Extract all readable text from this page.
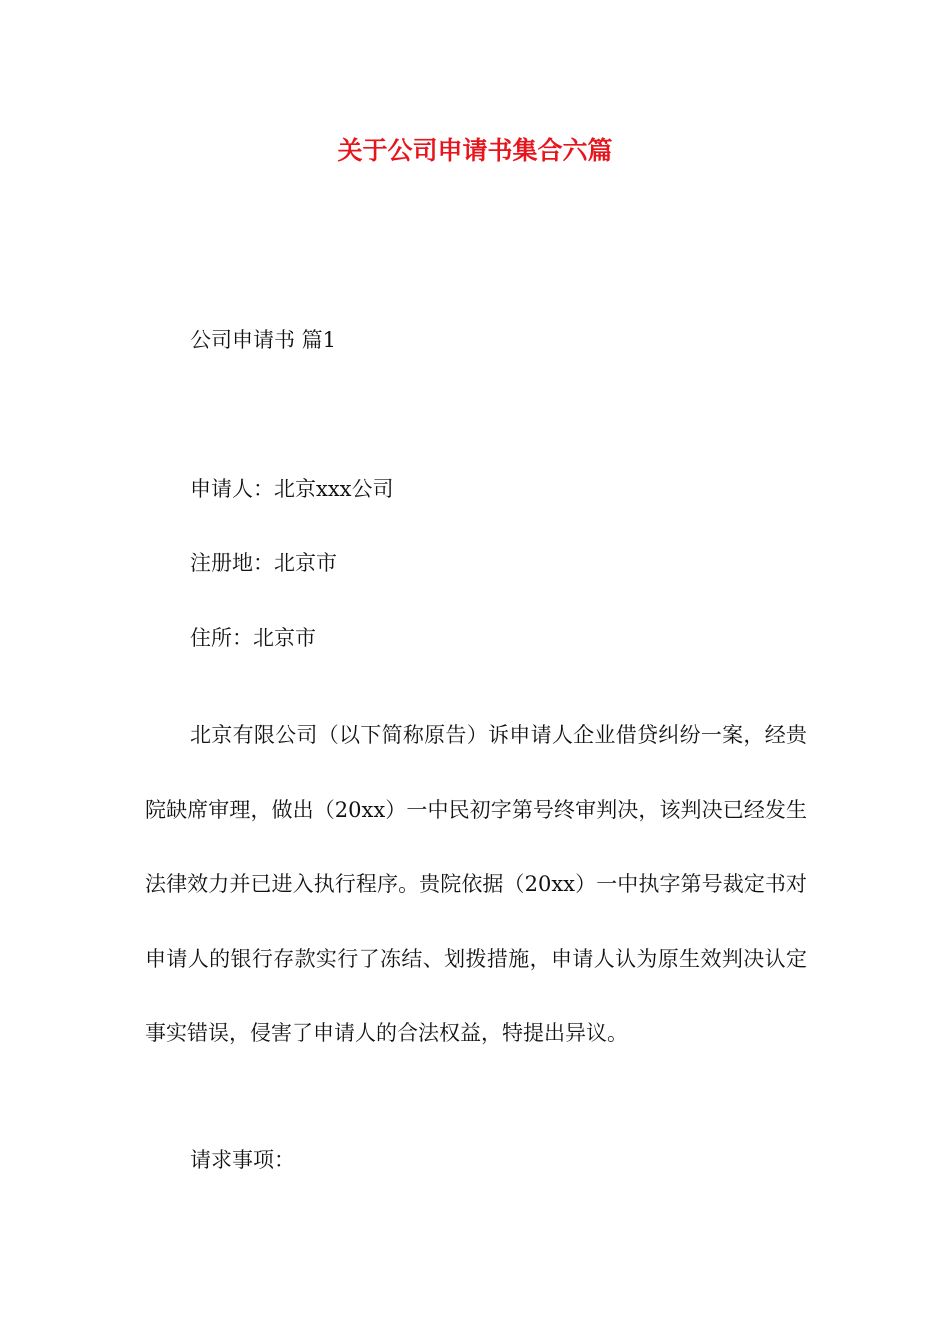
关于公司申请书集合六篇

公司申请书 篇1

申请人：北京xxx公司

注册地：北京市

住所：北京市

北京有限公司（以下简称原告）诉申请人企业借贷纠纷一案，经贵院缺席审理，做出（20xx）一中民初字第号终审判决，该判决已经发生法律效力并已进入执行程序。贵院依据（20xx）一中执字第号裁定书对申请人的银行存款实行了冻结、划拨措施，申请人认为原生效判决认定事实错误，侵害了申请人的合法权益，特提出异议。

请求事项：
